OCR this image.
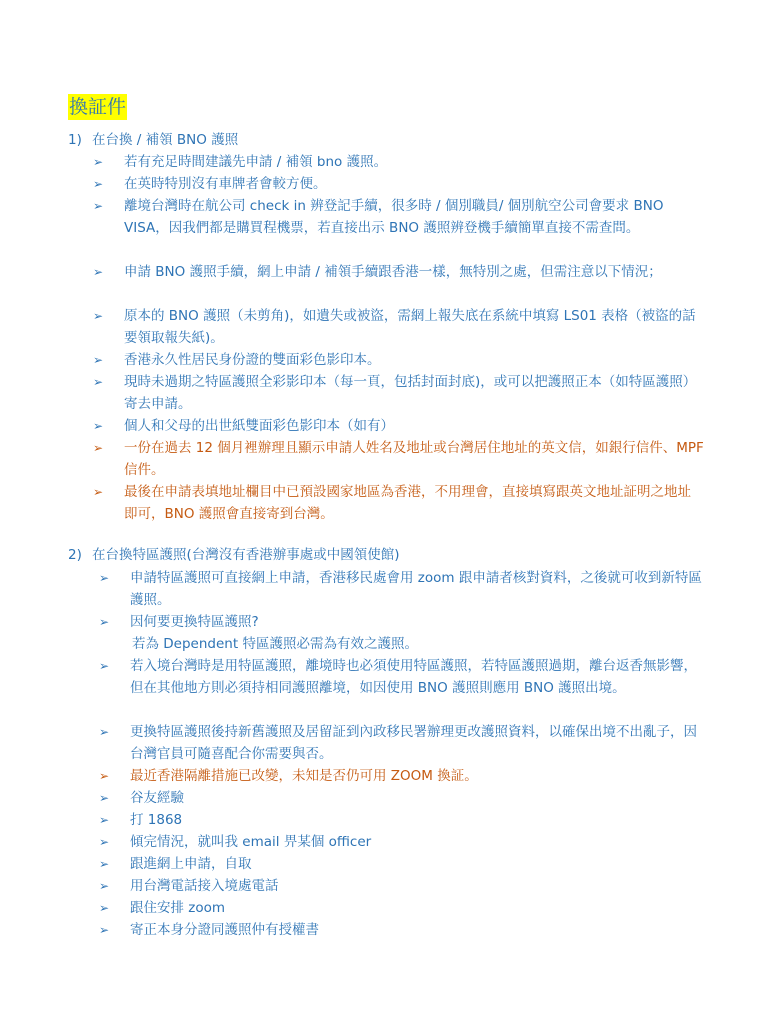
換証件
1) 在台換 / 補領 BNO 護照
➢ 若有充足時間建議先申請 / 補領 bno 護照。
➢ 在英時特別沒有車牌者會較方便。
➢ 離境台灣時在航公司 check in 辨登記手續，很多時 / 個別職員/ 個別航空公司會要求 BNO VISA，因我們都是購買程機票，若直接出示 BNO 護照辨登機手續簡單直接不需查問。
➢ 申請 BNO 護照手續，網上申請 / 補領手續跟香港一樣，無特別之處，但需注意以下情況；
➢ 原本的 BNO 護照（未剪角)，如遺失或被盜，需網上報失底在系統中填寫 LS01 表格（被盜的話要領取報失紙)。
➢ 香港永久性居民身份證的雙面彩色影印本。
➢ 現時未過期之特區護照全彩影印本（每一頁，包括封面封底)，或可以把護照正本（如特區護照）寄去申請。
➢ 個人和父母的出世紙雙面彩色影印本（如有）
➢ 一份在過去 12 個月裡辦理且顯示申請人姓名及地址或台灣居住地址的英文信，如銀行信件、MPF 信件。
➢ 最後在申請表填地址欄目中已預設國家地區為香港，不用理會，直接填寫跟英文地址証明之地址即可，BNO 護照會直接寄到台灣。
2) 在台換特區護照(台灣沒有香港辦事處或中國領使館)
➢ 申請特區護照可直接網上申請，香港移民處會用 zoom 跟申請者核對資料，之後就可收到新特區護照。
➢ 因何要更換特區護照?
若為 Dependent 特區護照必需為有效之護照。
➢ 若入境台灣時是用特區護照，離境時也必須使用特區護照，若特區護照過期，離台返香無影響，但在其他地方則必須持相同護照離境，如因使用 BNO 護照則應用 BNO 護照出境。
➢ 更換特區護照後持新舊護照及居留証到內政移民署辦理更改護照資料，以確保出境不出亂子，因台灣官員可隨喜配合你需要與否。
➢ 最近香港隔離措施已改變，未知是否仍可用 ZOOM 換証。
➢ 谷友經驗
➢ 打 1868
➢ 傾完情況，就叫我 email 畀某個 officer
➢ 跟進網上申請，自取
➢ 用台灣電話接入境處電話
➢ 跟住安排 zoom
➢ 寄正本身分證同護照仲有授權書
